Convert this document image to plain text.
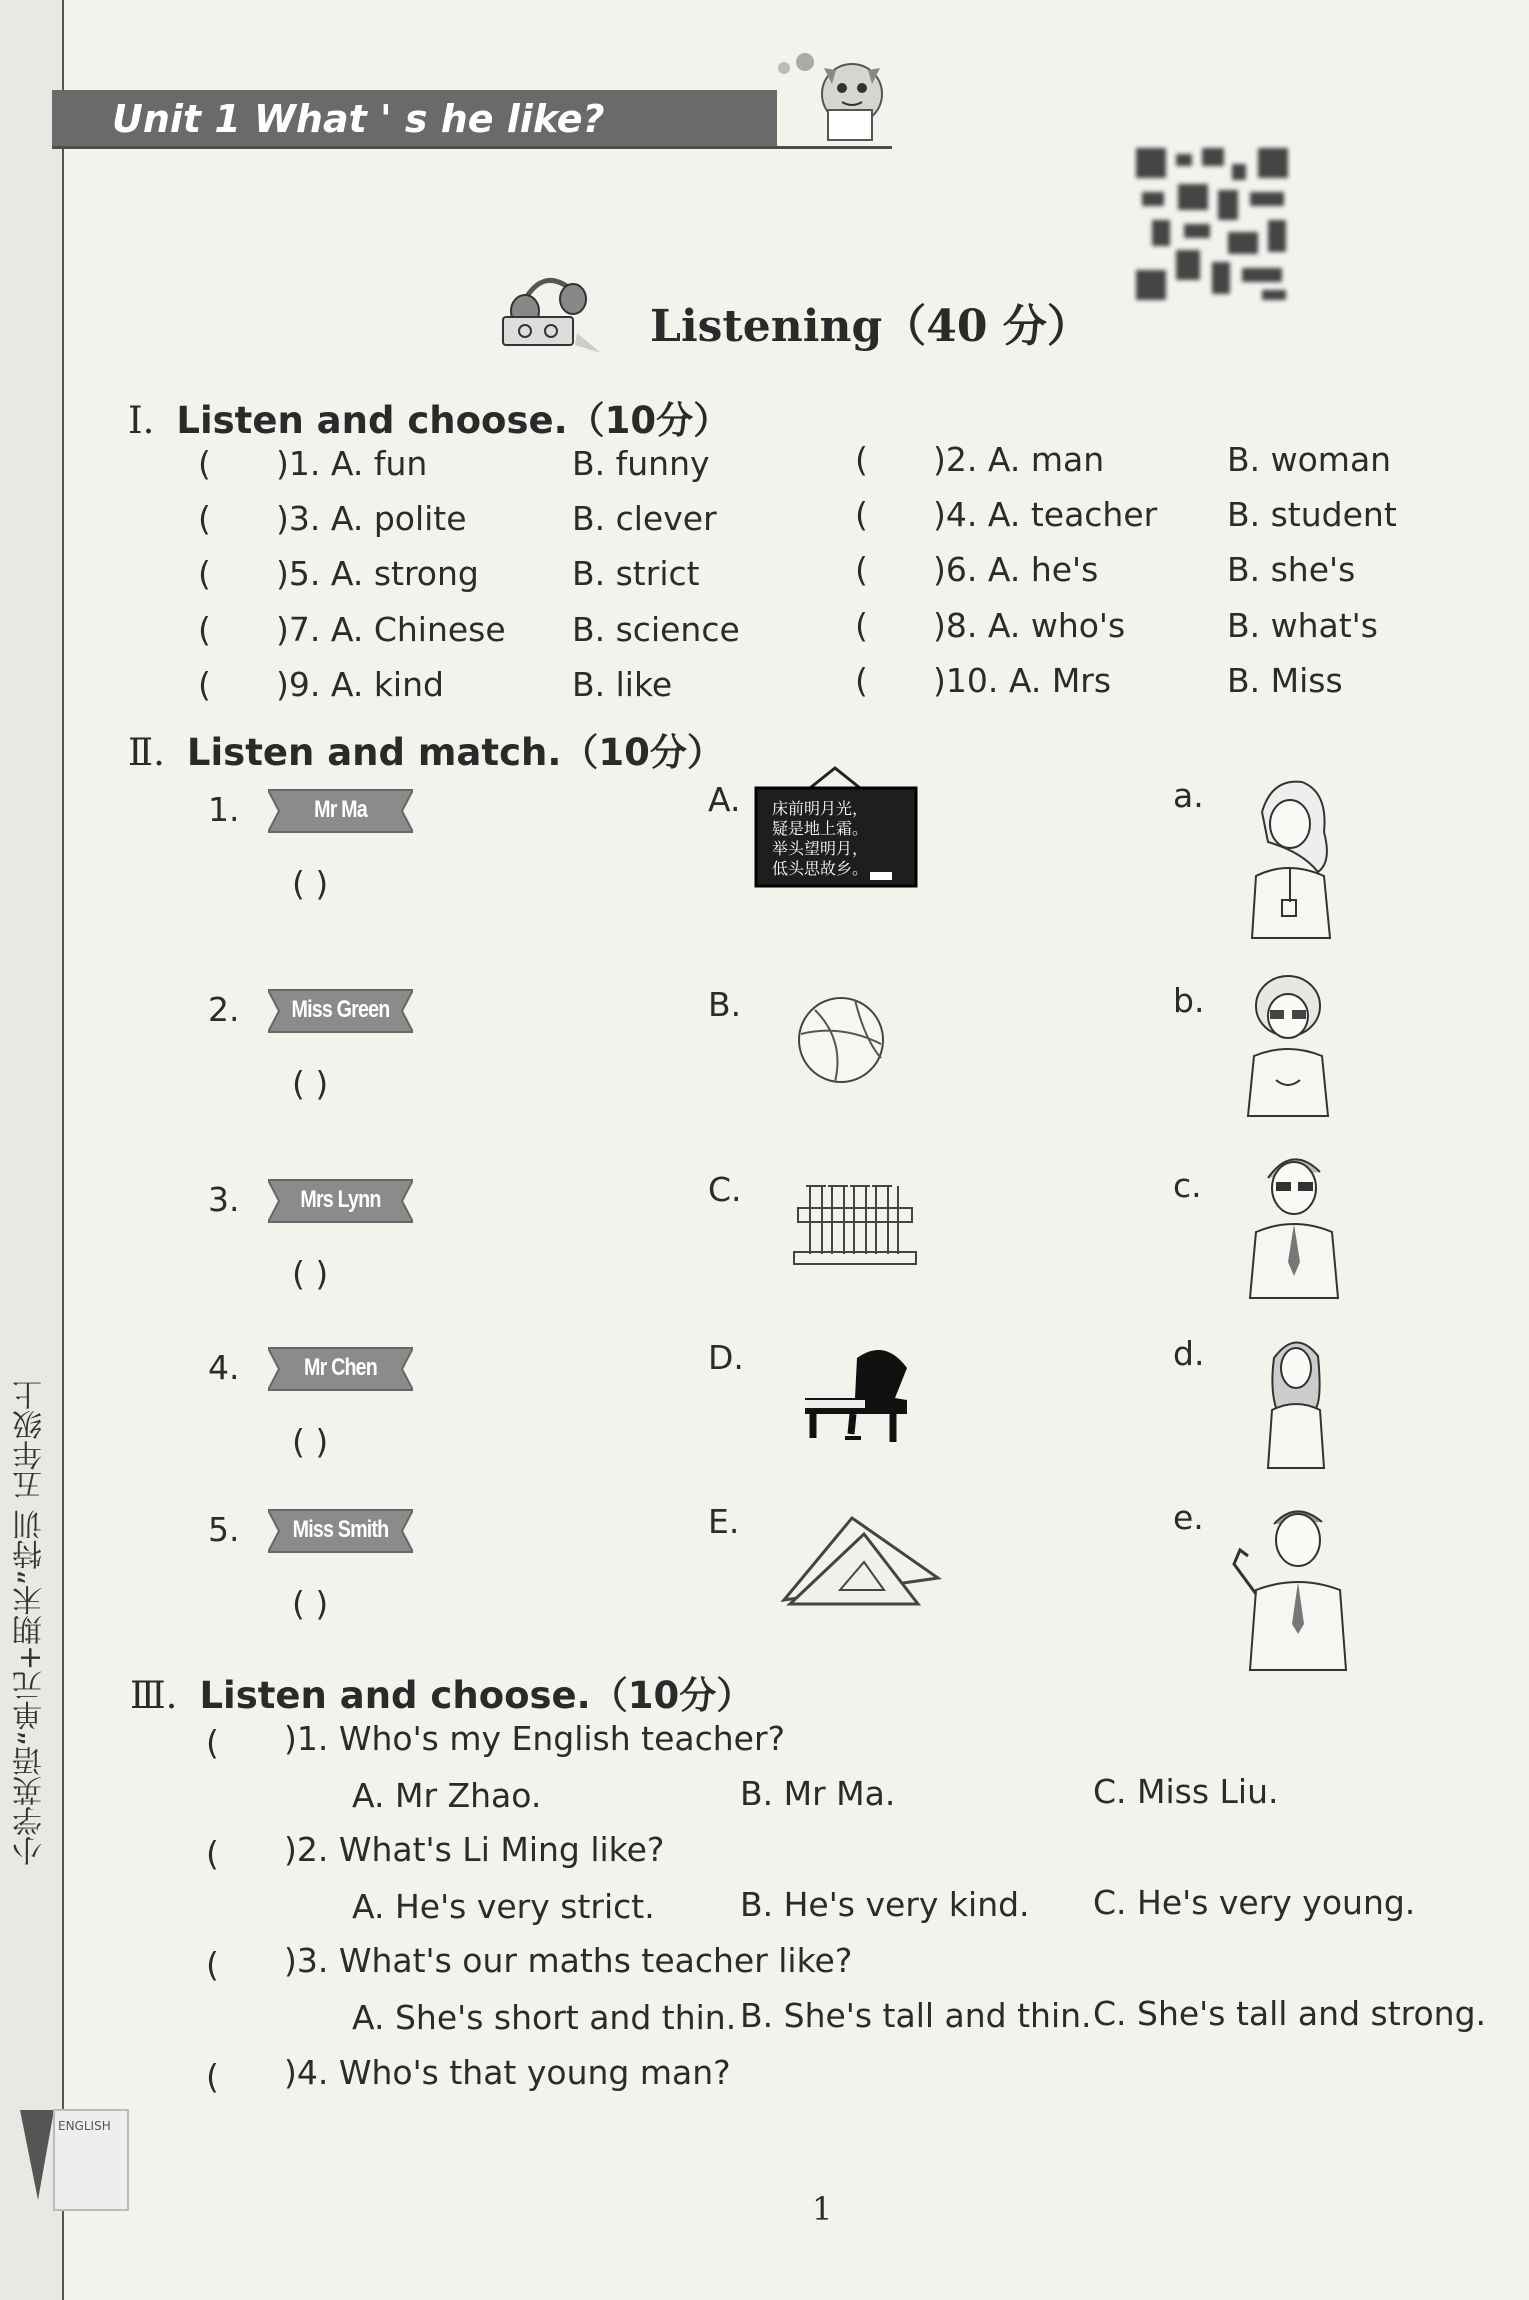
小学英语“单元+期末”特训 五年级上
Unit 1 What ' s he like?
Listening（40 分）
Ⅰ. Listen and choose.（10分）
( )1. A. fun	B. funny	( )2. A. man	B. woman
( )3. A. polite	B. clever	( )4. A. teacher B. student
( )5. A. strong	B. strict	( )6. A. he's	B. she's
( )7. A. Chinese B. science	( )8. A. who's	B. what's
( )9. A. kind	B. like	( )10. A. Mrs	B. Miss
Ⅱ. Listen and match.（10分）
1.	Mr Ma
( )
2.	Miss Green
( )
3.	Mrs Lynn
( )
4.	Mr Chen
( )
5.	Miss Smith
( )
A.
B.
C.
D.
E.
a.
b.
c.
d.
e.
床前明月光，
疑是地上霜。
举头望明月，
低头思故乡。
Ⅲ. Listen and choose.（10分）
( )1. Who's my English teacher?
A. Mr Zhao.	B. Mr Ma.	C. Miss Liu.
( )2. What's Li Ming like?
A. He's very strict.	B. He's very kind. C. He's very young.
( )3. What's our maths teacher like?
A. She's short and thin. B. She's tall and thin. C. She's tall and strong.
( )4. Who's that young man?
ENGLISH
1
